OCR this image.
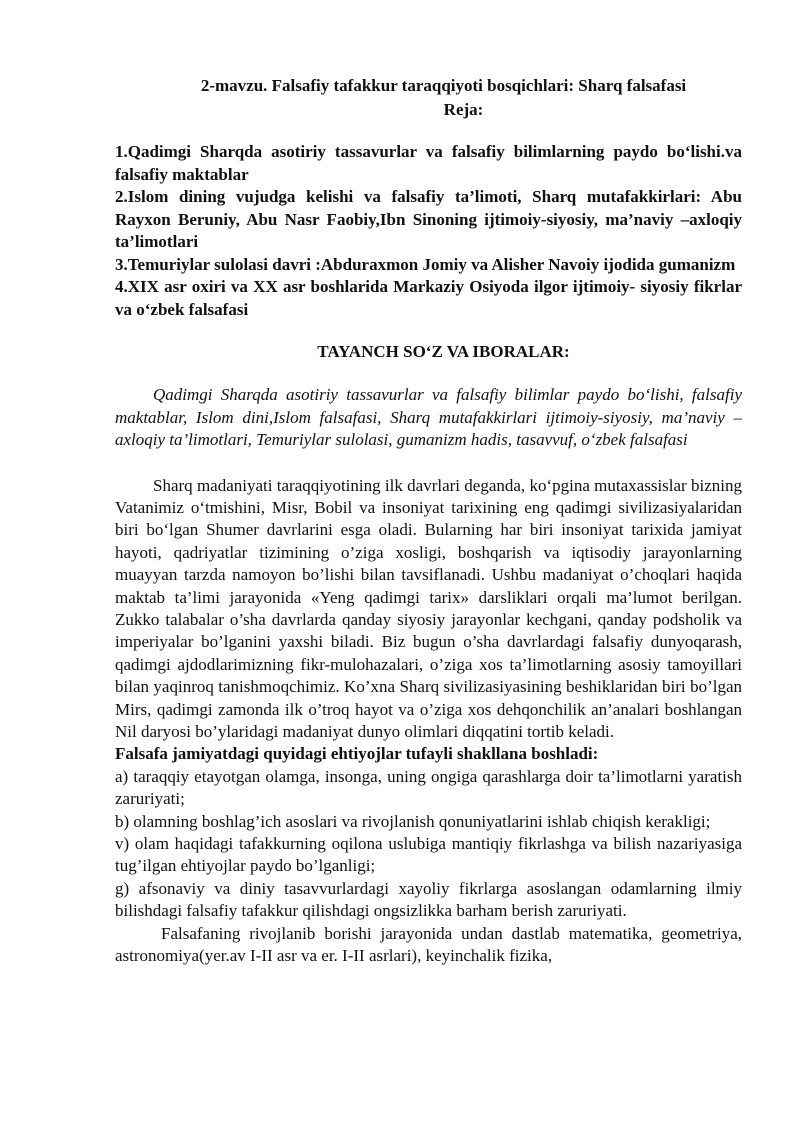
2-mavzu. Falsafiy tafakkur taraqqiyoti bosqichlari: Sharq falsafasi

Reja:

1.Qadimgi Sharqda asotiriy tassavurlar va falsafiy bilimlarning paydo bo‘lishi.va falsafiy maktablar

2.Islom dining vujudga kelishi va falsafiy ta’limoti, Sharq mutafakkirlari: Abu Rayxon Beruniy, Abu Nasr Faobiy,Ibn Sinoning ijtimoiy-siyosiy, ma’naviy –axloqiy ta’limotlari

3.Temuriylar sulolasi davri :Abduraxmon Jomiy va Alisher Navoiy ijodida gumanizm

4.XIX asr oxiri va XX asr boshlarida Markaziy Osiyoda ilgor ijtimoiy- siyosiy fikrlar va o‘zbek falsafasi

TAYANCH SO‘Z VA IBORALAR:

Qadimgi Sharqda asotiriy tassavurlar va falsafiy bilimlar paydo bo‘lishi, falsafiy maktablar, Islom dini,Islom falsafasi, Sharq mutafakkirlari ijtimoiy-siyosiy, ma’naviy –axloqiy ta’limotlari, Temuriylar sulolasi, gumanizm hadis, tasavvuf, o‘zbek falsafasi

Sharq madaniyati taraqqiyotining ilk davrlari deganda, ko‘pgina mutaxassislar bizning Vatanimiz o‘tmishini, Misr, Bobil va insoniyat tarixining eng qadimgi sivilizasiyalaridan biri bo‘lgan Shumer davrlarini esga oladi. Bularning har biri insoniyat tarixida jamiyat hayoti, qadriyatlar tizimining o’ziga xosligi, boshqarish va iqtisodiy jarayonlarning muayyan tarzda namoyon bo’lishi bilan tavsiflanadi. Ushbu madaniyat o’choqlari haqida maktab ta’limi jarayonida «Yeng qadimgi tarix» darsliklari orqali ma’lumot berilgan. Zukko talabalar o’sha davrlarda qanday siyosiy jarayonlar kechgani, qanday podsholik va imperiyalar bo’lganini yaxshi biladi. Biz bugun o’sha davrlardagi falsafiy dunyoqarash, qadimgi ajdodlarimizning fikr-mulohazalari, o’ziga xos ta’limotlarning asosiy tamoyillari bilan yaqinroq tanishmoqchimiz. Ko’xna Sharq sivilizasiyasining beshiklaridan biri bo’lgan Mirs, qadimgi zamonda ilk o’troq hayot va o’ziga xos dehqonchilik an’analari boshlangan Nil daryosi bo’ylaridagi madaniyat dunyo olimlari diqqatini tortib keladi.

Falsafa jamiyatdagi quyidagi ehtiyojlar tufayli shakllana boshladi:

a) taraqqiy etayotgan olamga, insonga, uning ongiga qarashlarga doir ta’limotlarni yaratish zaruriyati;

b) olamning boshlag’ich asoslari va rivojlanish qonuniyatlarini ishlab chiqish kerakligi;

v) olam haqidagi tafakkurning oqilona uslubiga mantiqiy fikrlashga va bilish nazariyasiga tug’ilgan ehtiyojlar paydo bo’lganligi;

g) afsonaviy va diniy tasavvurlardagi xayoliy fikrlarga asoslangan odamlarning ilmiy bilishdagi falsafiy tafakkur qilishdagi ongsizlikka barham berish zaruriyati.

Falsafaning rivojlanib borishi jarayonida undan dastlab matematika, geometriya, astronomiya(yer.av I-II asr va er. I-II asrlari), keyinchalik fizika,
